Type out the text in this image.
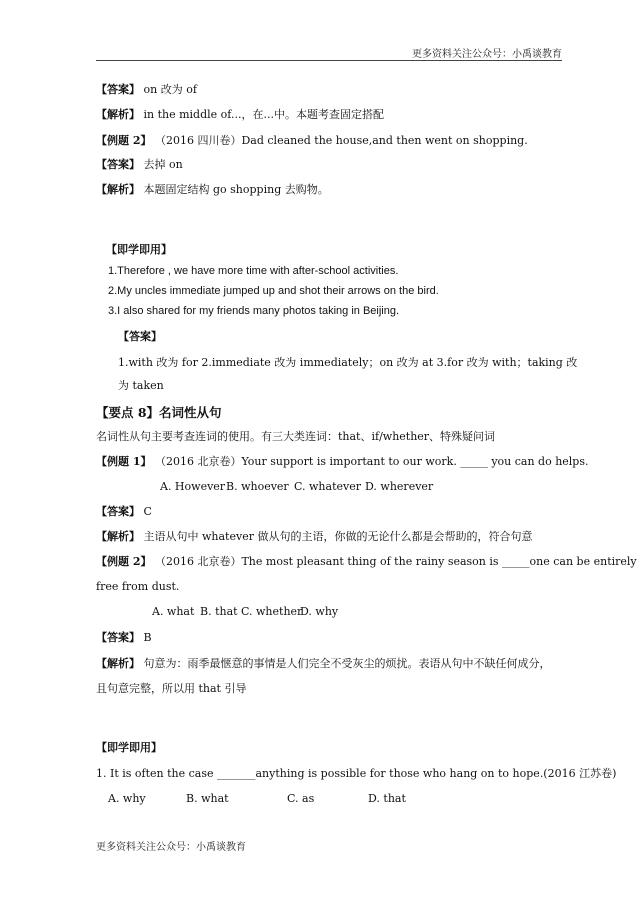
更多资料关注公众号：小禹谈教育
【答案】 on 改为 of
【解析】 in the middle of...，在...中。本题考查固定搭配
【例题 2】 （2016 四川卷）Dad cleaned the house,and then went on shopping.
【答案】 去掉 on
【解析】 本题固定结构 go shopping 去购物。
【即学即用】
1.Therefore , we have more time with after-school activities.
2.My uncles immediate jumped up and shot their arrows on the bird.
3.I also shared for my friends many photos taking in Beijing.
【答案】
1.with 改为 for 2.immediate 改为 immediately；on 改为 at 3.for 改为 with；taking 改
为 taken
【要点 8】名词性从句
名词性从句主要考查连词的使用。有三大类连词：that、if/whether、特殊疑问词
【例题 1】 （2016 北京卷）Your support is important to our work. _____ you can do helps.
A. However B. whoever C. whatever D. wherever
【答案】 C
【解析】 主语从句中 whatever 做从句的主语，你做的无论什么都是会帮助的，符合句意
【例题 2】 （2016 北京卷）The most pleasant thing of the rainy season is _____one can be entirely
free from dust.
A. what B. that C. whether
D. why
【答案】 B
【解析】 句意为：雨季最惬意的事情是人们完全不受灰尘的烦扰。表语从句中不缺任何成分，
且句意完整，所以用 that 引导
【即学即用】
1. It is often the case _______anything is possible for those who hang on to hope.(2016 江苏卷)
A. why	B. what	C. as	D. that
更多资料关注公众号：小禹谈教育
